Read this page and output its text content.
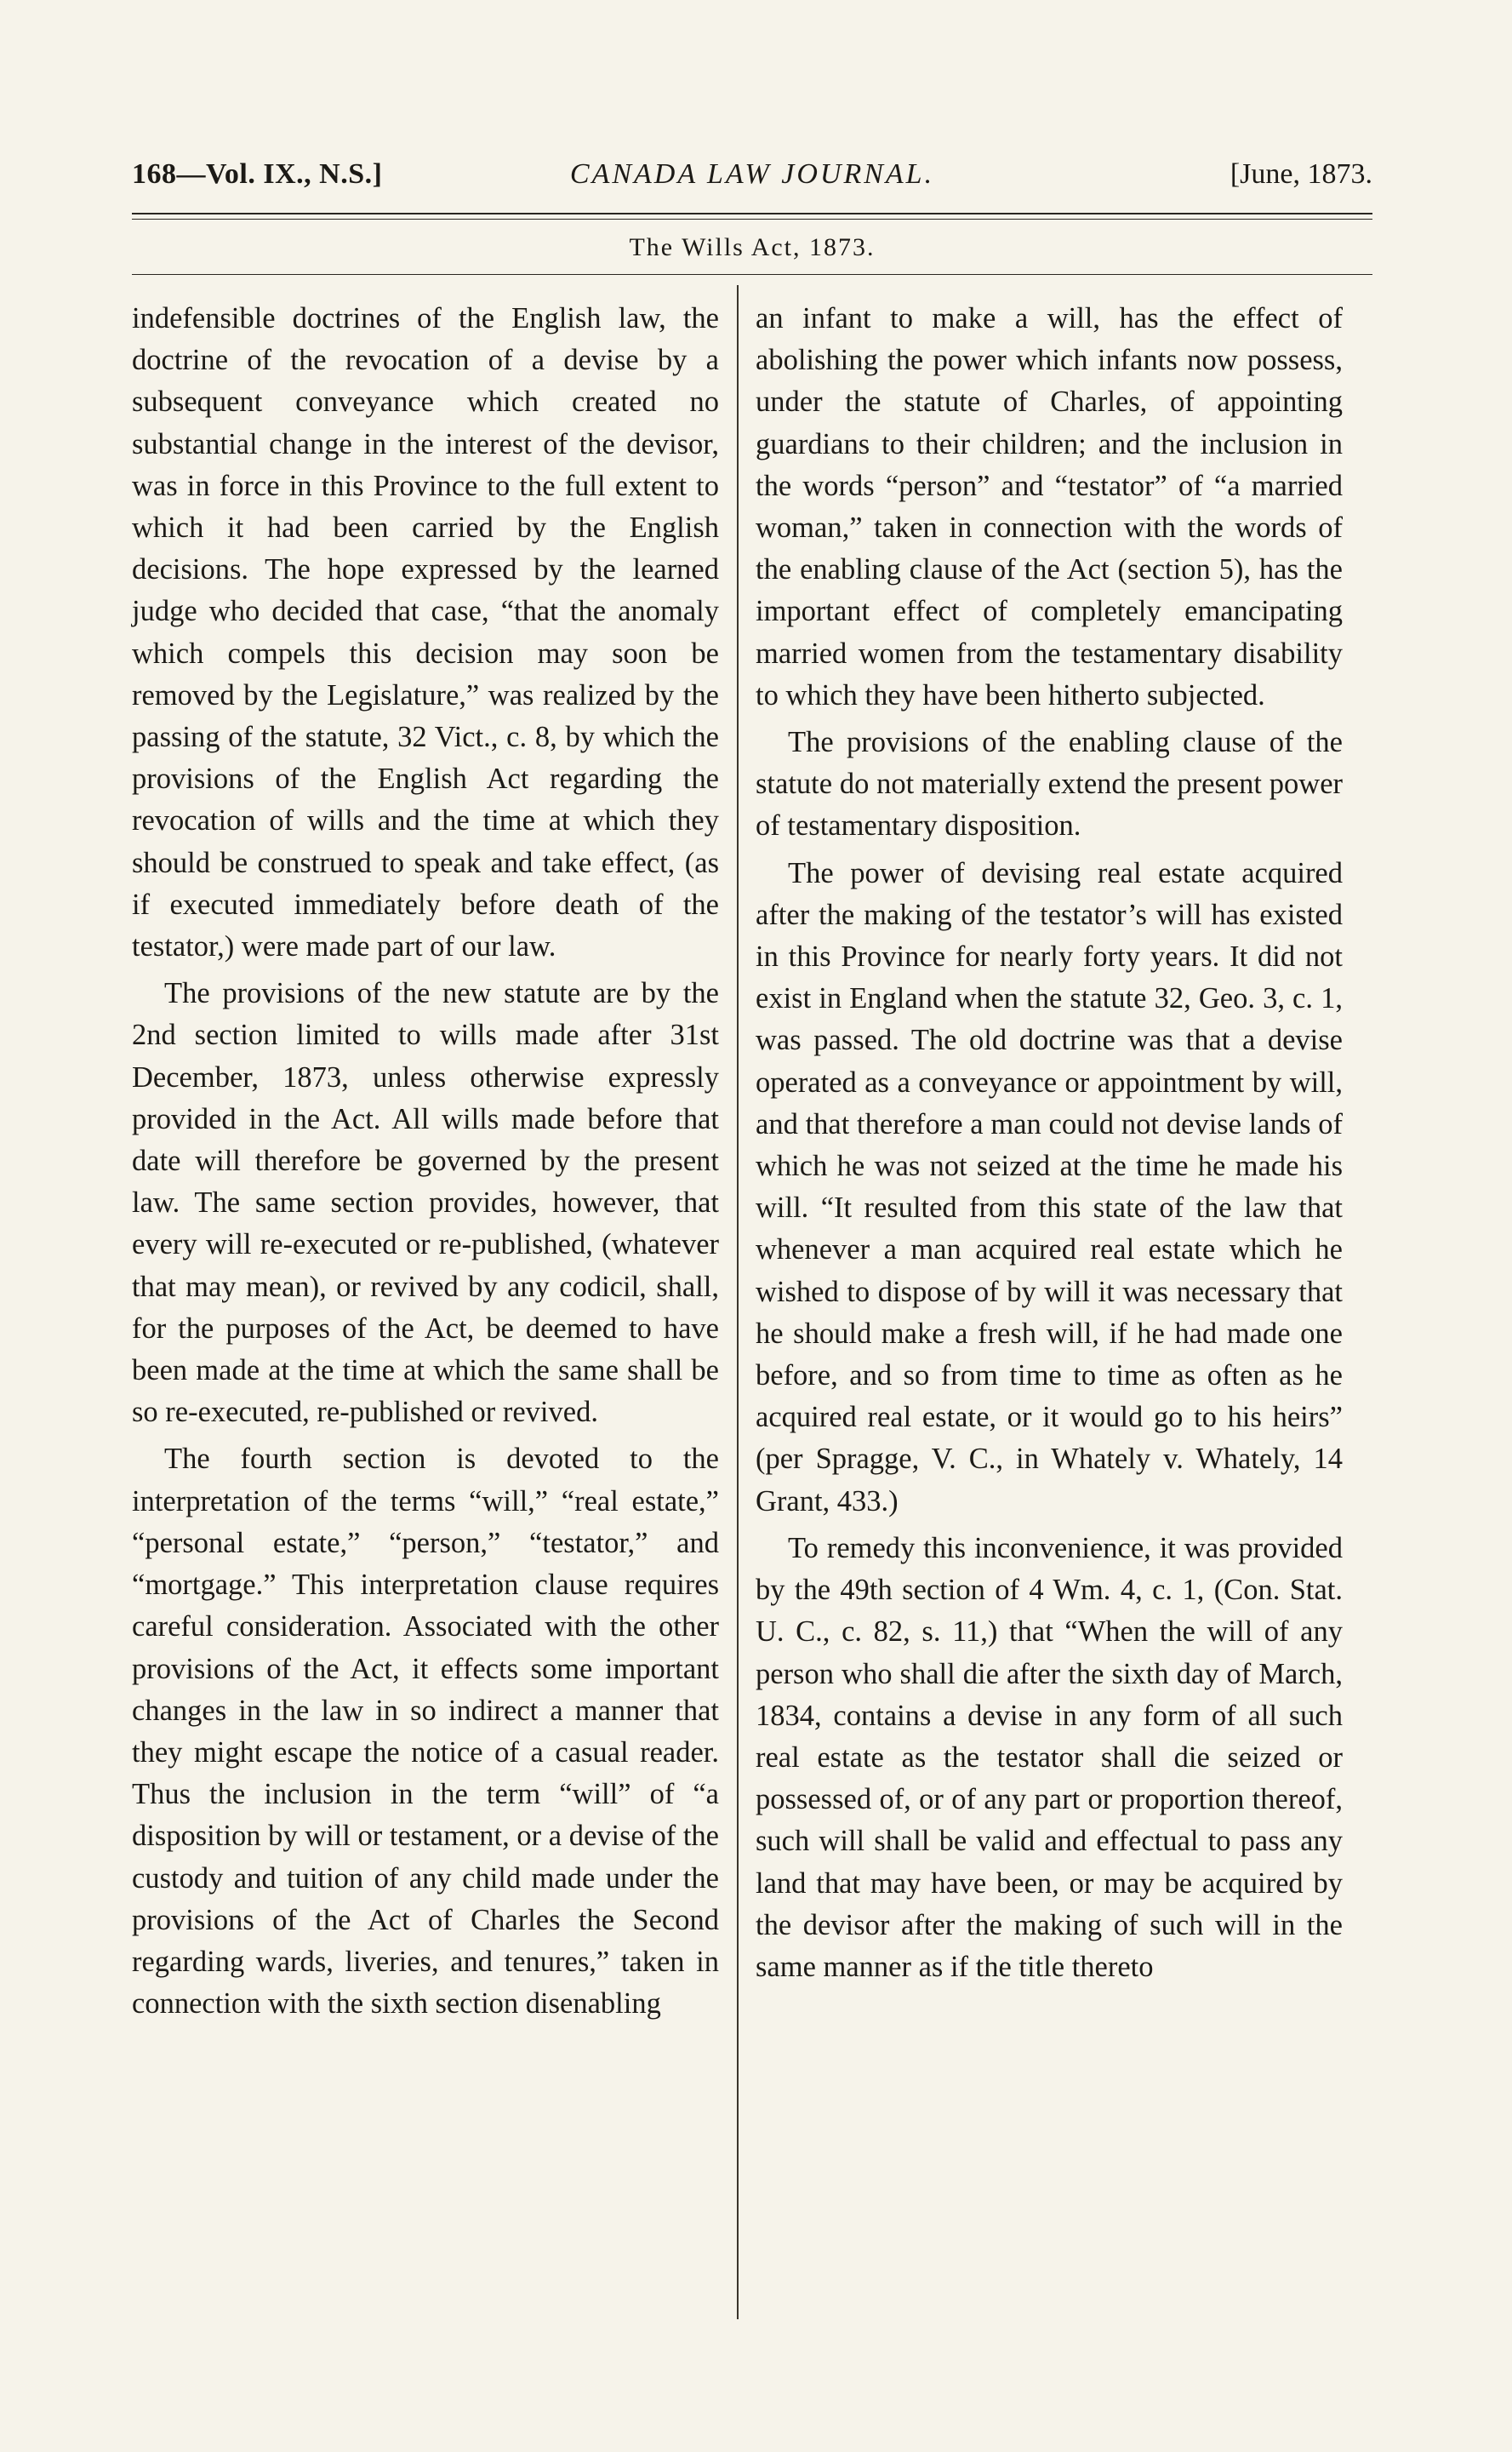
168—Vol. IX., N.S.]	CANADA LAW JOURNAL.	[June, 1873.
The Wills Act, 1873.

indefensible doctrines of the English law, the doctrine of the revocation of a devise by a subsequent conveyance which created no substantial change in the interest of the devisor, was in force in this Province to the full extent to which it had been carried by the English decisions. The hope expressed by the learned judge who decided that case, “that the anomaly which compels this decision may soon be removed by the Legislature,” was realized by the passing of the statute, 32 Vict., c. 8, by which the provisions of the English Act regarding the revocation of wills and the time at which they should be construed to speak and take effect, (as if executed immediately before death of the testator,) were made part of our law.

The provisions of the new statute are by the 2nd section limited to wills made after 31st December, 1873, unless otherwise expressly provided in the Act. All wills made before that date will therefore be governed by the present law. The same section provides, however, that every will re-executed or re-published, (whatever that may mean), or revived by any codicil, shall, for the purposes of the Act, be deemed to have been made at the time at which the same shall be so re-executed, re-published or revived.

The fourth section is devoted to the interpretation of the terms “will,” “real estate,” “personal estate,” “person,” “testator,” and “mortgage.” This interpretation clause requires careful consideration. Associated with the other provisions of the Act, it effects some important changes in the law in so indirect a manner that they might escape the notice of a casual reader. Thus the inclusion in the term “will” of “a disposition by will or testament, or a devise of the custody and tuition of any child made under the provisions of the Act of Charles the Second regarding wards, liveries, and tenures,” taken in connection with the sixth section disenabling

an infant to make a will, has the effect of abolishing the power which infants now possess, under the statute of Charles, of appointing guardians to their children; and the inclusion in the words “person” and “testator” of “a married woman,” taken in connection with the words of the enabling clause of the Act (section 5), has the important effect of completely emancipating married women from the testamentary disability to which they have been hitherto subjected.

The provisions of the enabling clause of the statute do not materially extend the present power of testamentary disposition.

The power of devising real estate acquired after the making of the testator’s will has existed in this Province for nearly forty years. It did not exist in England when the statute 32, Geo. 3, c. 1, was passed. The old doctrine was that a devise operated as a conveyance or appointment by will, and that therefore a man could not devise lands of which he was not seized at the time he made his will. “It resulted from this state of the law that whenever a man acquired real estate which he wished to dispose of by will it was necessary that he should make a fresh will, if he had made one before, and so from time to time as often as he acquired real estate, or it would go to his heirs” (per Spragge, V. C., in Whately v. Whately, 14 Grant, 433.)

To remedy this inconvenience, it was provided by the 49th section of 4 Wm. 4, c. 1, (Con. Stat. U. C., c. 82, s. 11,) that “When the will of any person who shall die after the sixth day of March, 1834, contains a devise in any form of all such real estate as the testator shall die seized or possessed of, or of any part or proportion thereof, such will shall be valid and effectual to pass any land that may have been, or may be acquired by the devisor after the making of such will in the same manner as if the title thereto
